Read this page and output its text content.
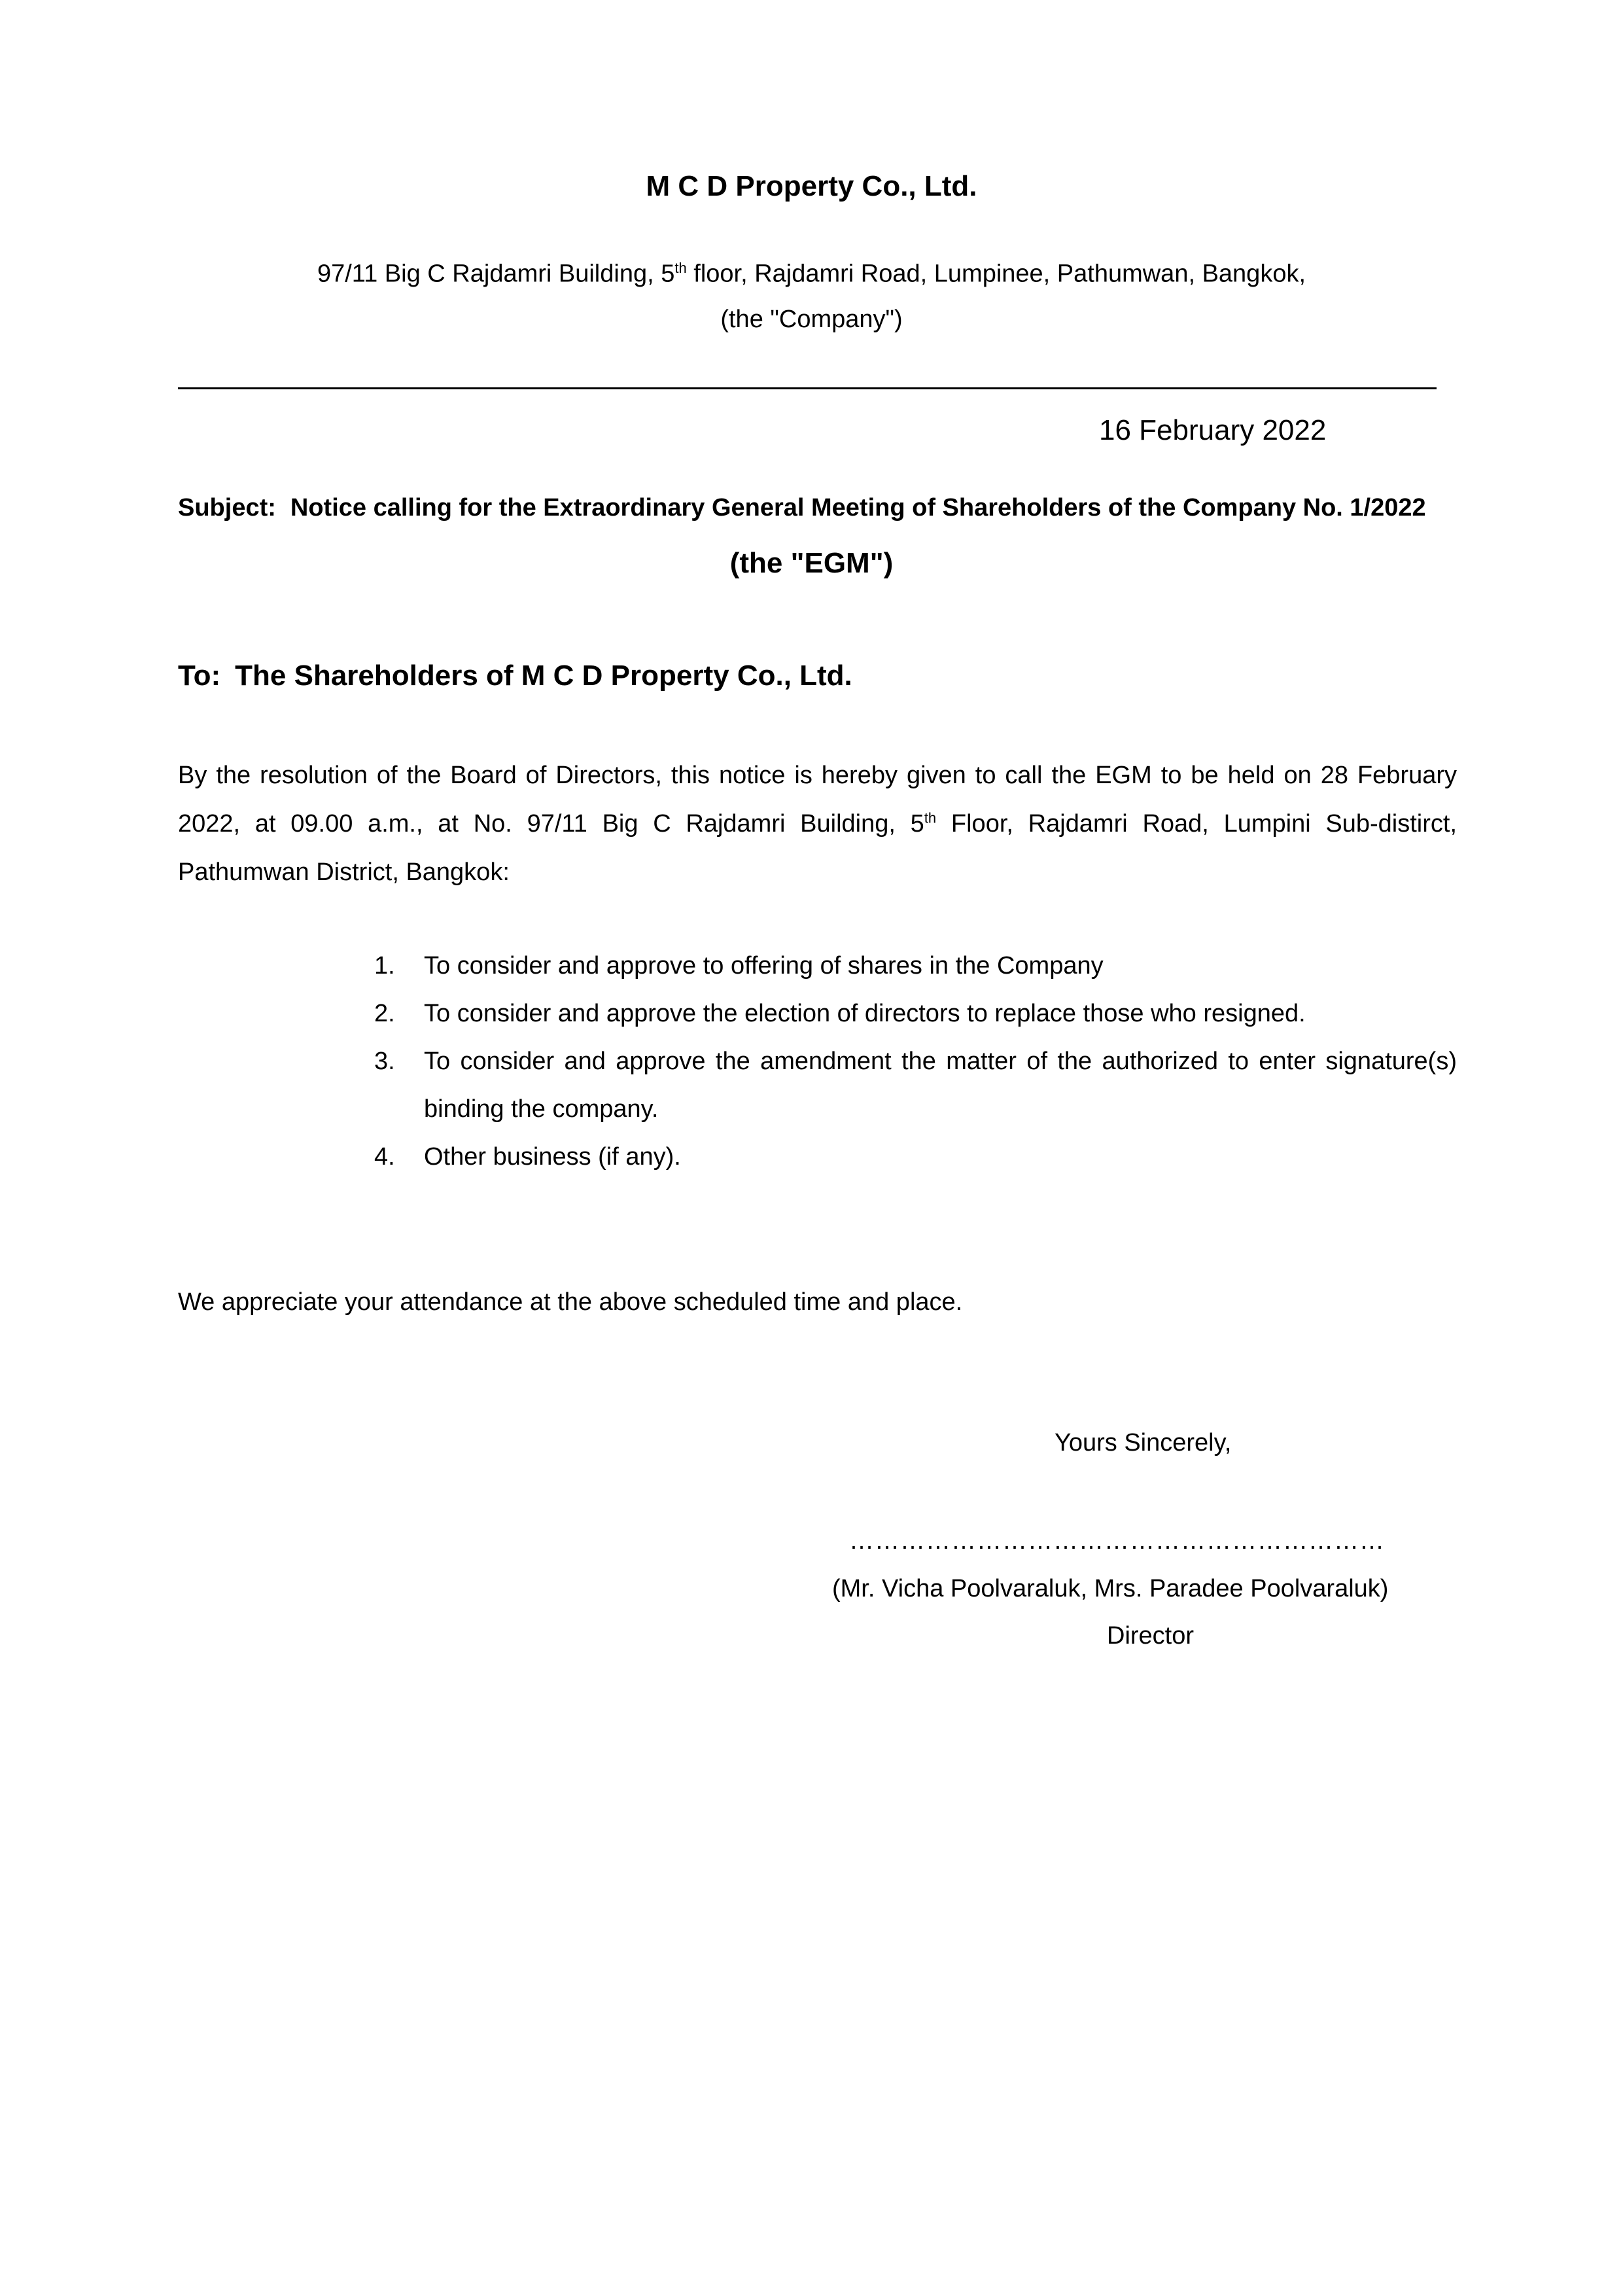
M C D Property Co., Ltd.
97/11 Big C Rajdamri Building, 5th floor, Rajdamri Road, Lumpinee, Pathumwan, Bangkok,
(the "Company")
16 February 2022
Subject: Notice calling for the Extraordinary General Meeting of Shareholders of the Company No. 1/2022
(the "EGM")
To: The Shareholders of M C D Property Co., Ltd.
By the resolution of the Board of Directors, this notice is hereby given to call the EGM to be held on 28 February
2022, at 09.00 a.m., at No. 97/11 Big C Rajdamri Building, 5th Floor, Rajdamri Road, Lumpini Sub-distirct,
Pathumwan District, Bangkok:
1.	To consider and approve to offering of shares in the Company
2.	To consider and approve the election of directors to replace those who resigned.
3.	To consider and approve the amendment the matter of the authorized to enter signature(s)
binding the company.
4.	Other business (if any).
We appreciate your attendance at the above scheduled time and place.
Yours Sincerely,
………………………………………………………
(Mr. Vicha Poolvaraluk, Mrs. Paradee Poolvaraluk)
Director
